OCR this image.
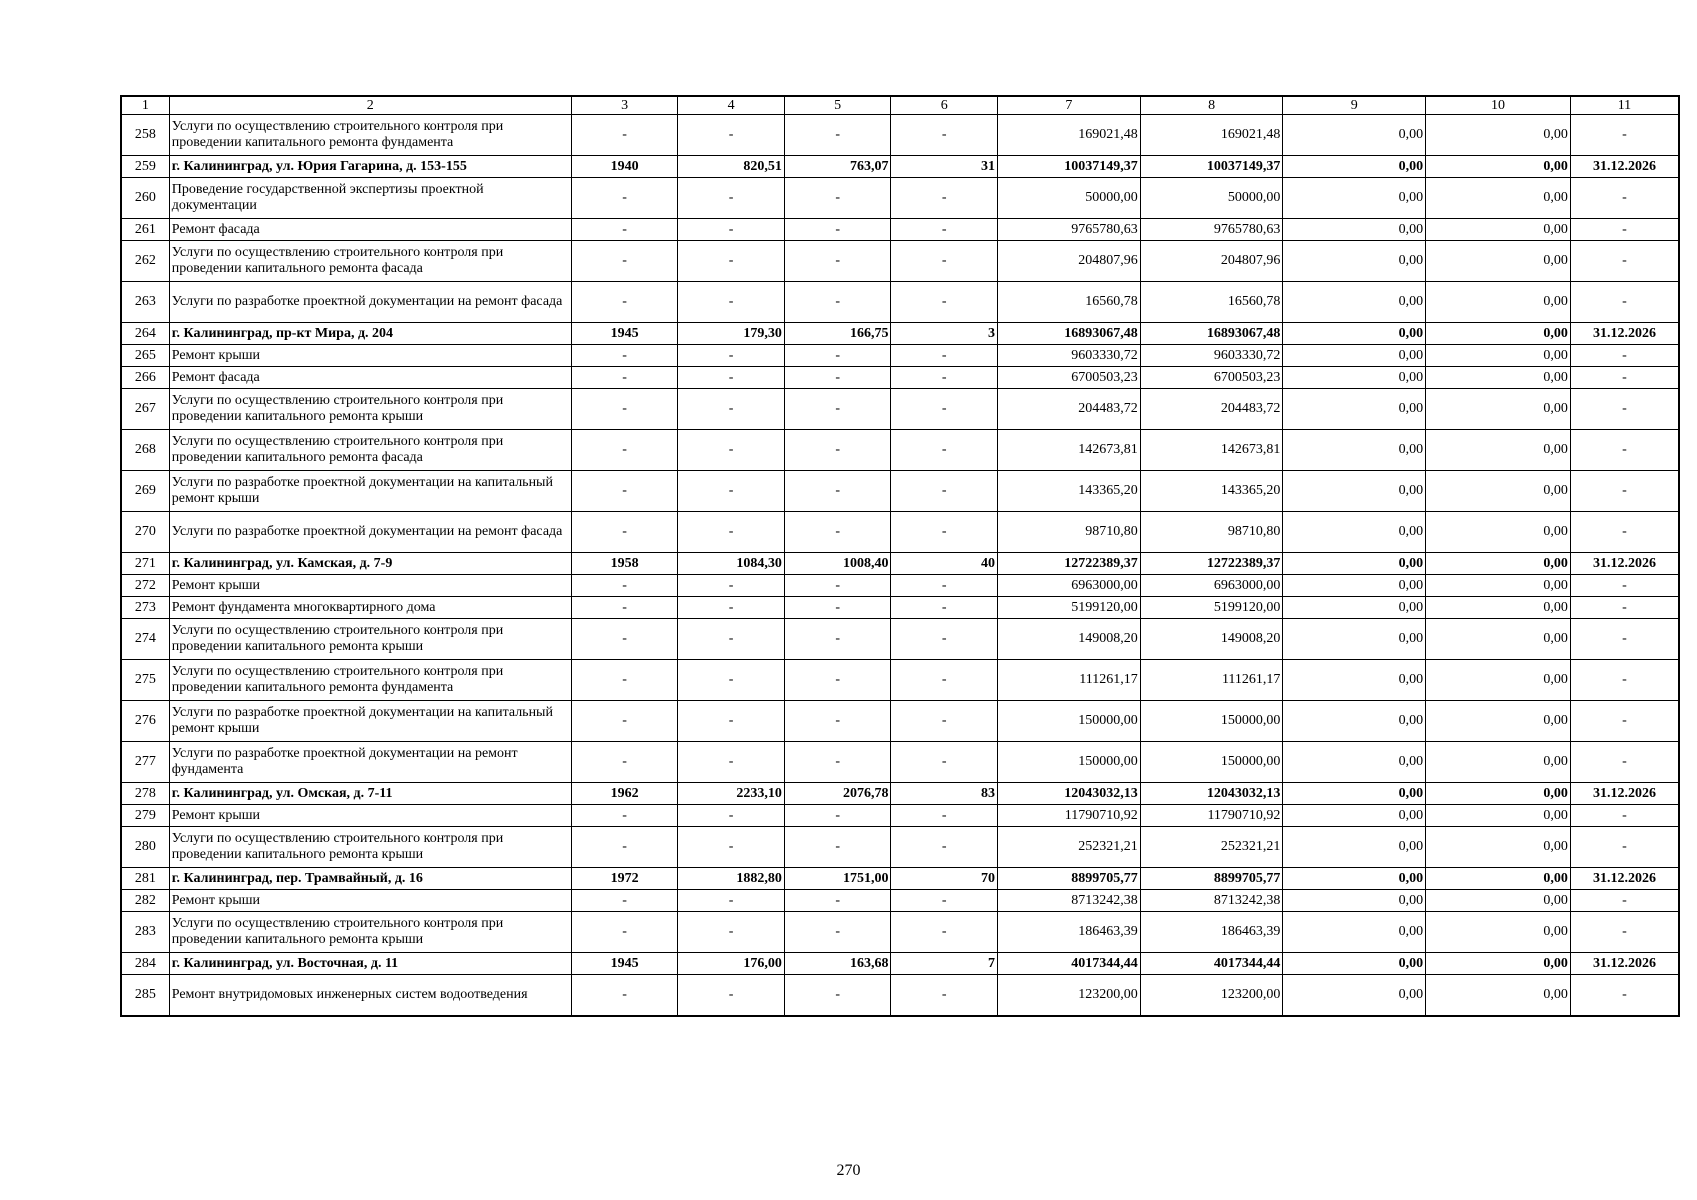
1	2	3	4	5	6	7	8	9	10	11
258	Услуги по осуществлению строительного контроля при проведении капитального ремонта фундамента	-	-	-	-	169021,48	169021,48	0,00	0,00	-
259	г. Калининград, ул. Юрия Гагарина, д. 153-155	1940	820,51	763,07	31	10037149,37	10037149,37	0,00	0,00	31.12.2026
260	Проведение государственной экспертизы проектной документации	-	-	-	-	50000,00	50000,00	0,00	0,00	-
261	Ремонт фасада	-	-	-	-	9765780,63	9765780,63	0,00	0,00	-
262	Услуги по осуществлению строительного контроля при проведении капитального ремонта фасада	-	-	-	-	204807,96	204807,96	0,00	0,00	-
263	Услуги по разработке проектной документации на ремонт фасада	-	-	-	-	16560,78	16560,78	0,00	0,00	-
264	г. Калининград, пр-кт Мира, д. 204	1945	179,30	166,75	3	16893067,48	16893067,48	0,00	0,00	31.12.2026
265	Ремонт крыши	-	-	-	-	9603330,72	9603330,72	0,00	0,00	-
266	Ремонт фасада	-	-	-	-	6700503,23	6700503,23	0,00	0,00	-
267	Услуги по осуществлению строительного контроля при проведении капитального ремонта крыши	-	-	-	-	204483,72	204483,72	0,00	0,00	-
268	Услуги по осуществлению строительного контроля при проведении капитального ремонта фасада	-	-	-	-	142673,81	142673,81	0,00	0,00	-
269	Услуги по разработке проектной документации на капитальный ремонт крыши	-	-	-	-	143365,20	143365,20	0,00	0,00	-
270	Услуги по разработке проектной документации на ремонт фасада	-	-	-	-	98710,80	98710,80	0,00	0,00	-
271	г. Калининград, ул. Камская, д. 7-9	1958	1084,30	1008,40	40	12722389,37	12722389,37	0,00	0,00	31.12.2026
272	Ремонт крыши	-	-	-	-	6963000,00	6963000,00	0,00	0,00	-
273	Ремонт фундамента многоквартирного дома	-	-	-	-	5199120,00	5199120,00	0,00	0,00	-
274	Услуги по осуществлению строительного контроля при проведении капитального ремонта крыши	-	-	-	-	149008,20	149008,20	0,00	0,00	-
275	Услуги по осуществлению строительного контроля при проведении капитального ремонта фундамента	-	-	-	-	111261,17	111261,17	0,00	0,00	-
276	Услуги по разработке проектной документации на капитальный ремонт крыши	-	-	-	-	150000,00	150000,00	0,00	0,00	-
277	Услуги по разработке проектной документации на ремонт фундамента	-	-	-	-	150000,00	150000,00	0,00	0,00	-
278	г. Калининград, ул. Омская, д. 7-11	1962	2233,10	2076,78	83	12043032,13	12043032,13	0,00	0,00	31.12.2026
279	Ремонт крыши	-	-	-	-	11790710,92	11790710,92	0,00	0,00	-
280	Услуги по осуществлению строительного контроля при проведении капитального ремонта крыши	-	-	-	-	252321,21	252321,21	0,00	0,00	-
281	г. Калининград, пер. Трамвайный, д. 16	1972	1882,80	1751,00	70	8899705,77	8899705,77	0,00	0,00	31.12.2026
282	Ремонт крыши	-	-	-	-	8713242,38	8713242,38	0,00	0,00	-
283	Услуги по осуществлению строительного контроля при проведении капитального ремонта крыши	-	-	-	-	186463,39	186463,39	0,00	0,00	-
284	г. Калининград, ул. Восточная, д. 11	1945	176,00	163,68	7	4017344,44	4017344,44	0,00	0,00	31.12.2026
285	Ремонт внутридомовых инженерных систем водоотведения	-	-	-	-	123200,00	123200,00	0,00	0,00	-
270
